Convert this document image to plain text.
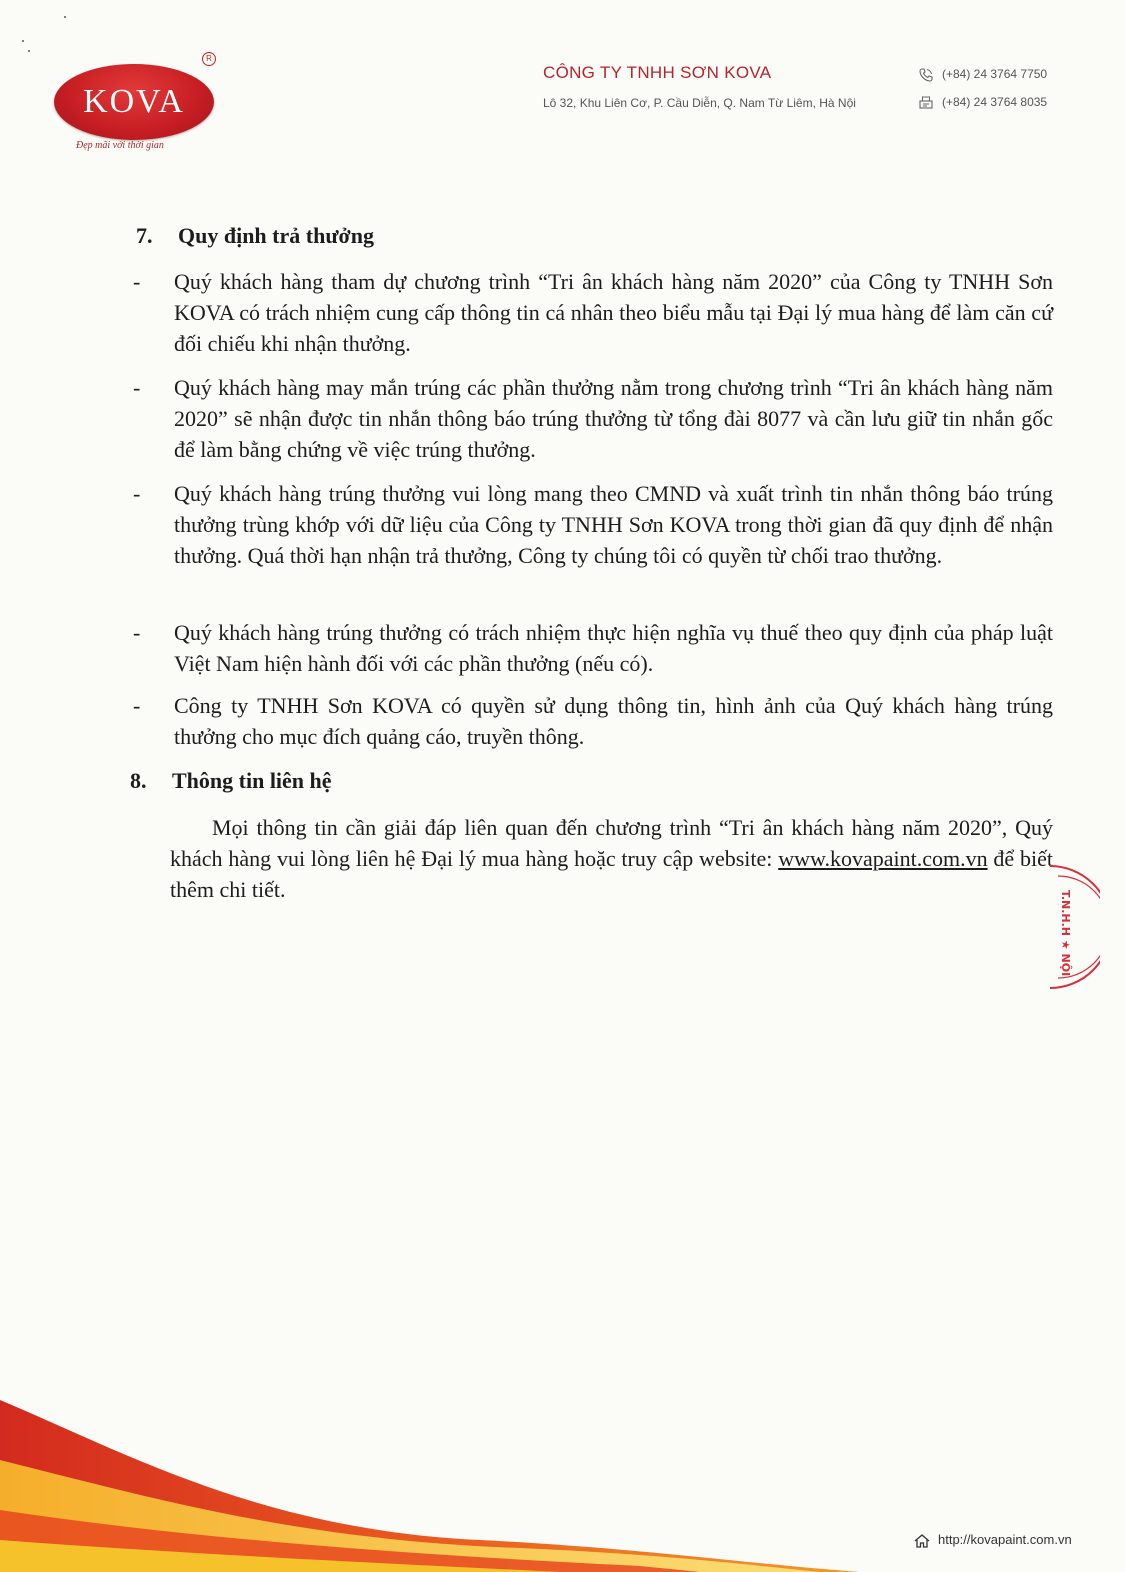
KOVA
R
Đẹp mãi với thời gian
CÔNG TY TNHH SƠN KOVA
Lô 32, Khu Liên Cơ, P. Cầu Diễn, Q. Nam Từ Liêm, Hà Nội
(+84) 24 3764 7750
(+84) 24 3764 8035
7. Quy định trả thưởng
- Quý khách hàng tham dự chương trình “Tri ân khách hàng năm 2020” của Công ty TNHH Sơn KOVA có trách nhiệm cung cấp thông tin cá nhân theo biểu mẫu tại Đại lý mua hàng để làm căn cứ đối chiếu khi nhận thưởng.
- Quý khách hàng may mắn trúng các phần thưởng nằm trong chương trình “Tri ân khách hàng năm 2020” sẽ nhận được tin nhắn thông báo trúng thưởng từ tổng đài 8077 và cần lưu giữ tin nhắn gốc để làm bằng chứng về việc trúng thưởng.
- Quý khách hàng trúng thưởng vui lòng mang theo CMND và xuất trình tin nhắn thông báo trúng thưởng trùng khớp với dữ liệu của Công ty TNHH Sơn KOVA trong thời gian đã quy định để nhận thưởng. Quá thời hạn nhận trả thưởng, Công ty chúng tôi có quyền từ chối trao thưởng.
- Quý khách hàng trúng thưởng có trách nhiệm thực hiện nghĩa vụ thuế theo quy định của pháp luật Việt Nam hiện hành đối với các phần thưởng (nếu có).
- Công ty TNHH Sơn KOVA có quyền sử dụng thông tin, hình ảnh của Quý khách hàng trúng thưởng cho mục đích quảng cáo, truyền thông.
8. Thông tin liên hệ
Mọi thông tin cần giải đáp liên quan đến chương trình “Tri ân khách hàng năm 2020”, Quý khách hàng vui lòng liên hệ Đại lý mua hàng hoặc truy cập website: www.kovapaint.com.vn để biết thêm chi tiết.
T.N.H.H ★ NỘI
http://kovapaint.com.vn
